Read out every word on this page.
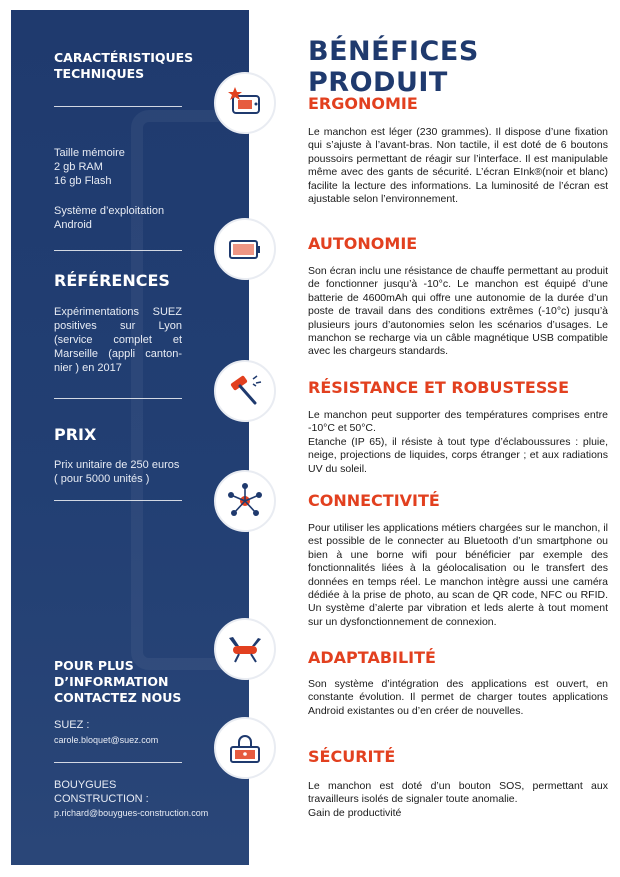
CARACTÉRISTIQUES
TECHNIQUES
Taille mémoire
2 gb RAM
16 gb Flash
Système d’exploitation
Android
RÉFÉRENCES
Expérimentations SUEZ positives sur Lyon (service complet et Marseille (appli canton-nier ) en 2017
PRIX
Prix unitaire de 250 euros
( pour 5000 unités )
POUR PLUS
D’INFORMATION
CONTACTEZ NOUS
SUEZ :
carole.bloquet@suez.com
BOUYGUES
CONSTRUCTION :
p.richard@bouygues-construction.com
BÉNÉFICES PRODUIT
ERGONOMIE
Le manchon est léger (230 grammes). Il dispose d’une fixation qui s’ajuste à l’avant-bras. Non tactile, il est doté de 6 boutons poussoirs permettant de réagir sur l’interface. Il est manipulable même avec des gants de sécurité. L’écran EInk®(noir et blanc) facilite la lecture des informations. La luminosité de l’écran est ajustable selon l’environnement.
AUTONOMIE
Son écran inclu une résistance de chauffe permettant au produit de fonctionner jusqu’à -10°c. Le manchon est équipé d’une batterie de 4600mAh qui offre une autonomie de la durée d’un poste de travail dans des conditions extrêmes (-10°c) jusqu’à plusieurs jours d’autonomies selon les scénarios d’usages. Le manchon se recharge via un câble magnétique USB compatible avec les chargeurs standards.
RÉSISTANCE ET ROBUSTESSE
Le manchon peut supporter des températures comprises entre -10°C et 50°C.
Etanche (IP 65), il résiste à tout type d’éclaboussures : pluie, neige, projections de liquides, corps étranger ; et aux radiations UV du soleil.
CONNECTIVITÉ
Pour utiliser les applications métiers chargées sur le manchon, il est possible de le connecter au Bluetooth d’un smartphone ou bien à une borne wifi pour bénéficier par exemple des fonctionnalités liées à la géolocalisation ou le transfert des données en temps réel. Le manchon intègre aussi une caméra dédiée à la prise de photo, au scan de QR code, NFC ou RFID. Un système d’alerte par vibration et leds alerte à tout moment sur un dysfonctionnement de connexion.
ADAPTABILITÉ
Son système d’intégration des applications est ouvert, en constante évolution. Il permet de charger toutes applications Android existantes ou d’en créer de nouvelles.
SÉCURITÉ
Le manchon est doté d’un bouton SOS, permettant aux travailleurs isolés de signaler toute anomalie.
Gain de productivité
